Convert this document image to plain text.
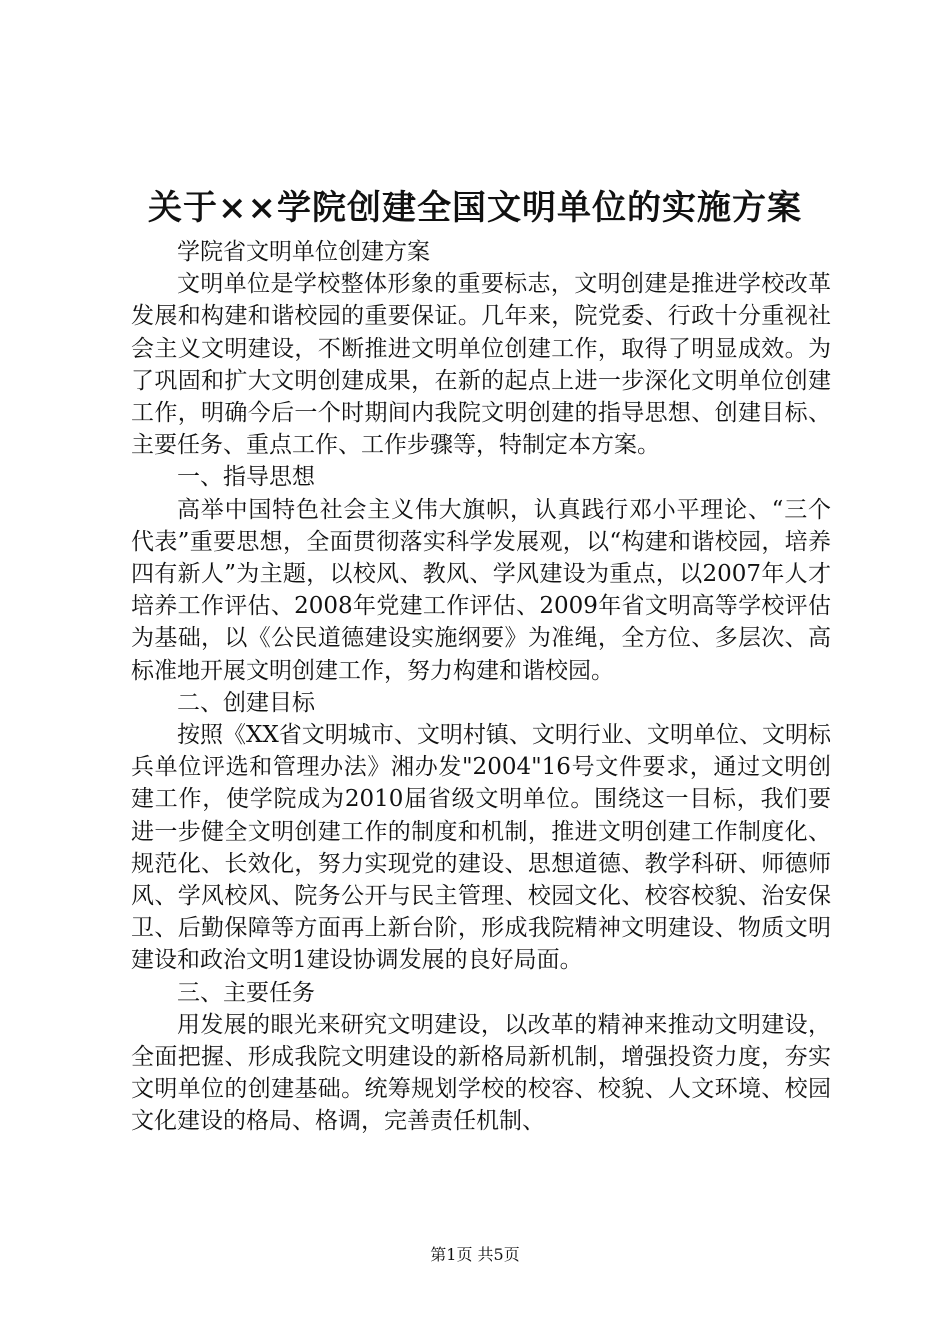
关于××学院创建全国文明单位的实施方案

学院省文明单位创建方案

文明单位是学校整体形象的重要标志，文明创建是推进学校改革发展和构建和谐校园的重要保证。几年来，院党委、行政十分重视社会主义文明建设，不断推进文明单位创建工作，取得了明显成效。为了巩固和扩大文明创建成果，在新的起点上进一步深化文明单位创建工作，明确今后一个时期间内我院文明创建的指导思想、创建目标、主要任务、重点工作、工作步骤等，特制定本方案。

一、指导思想

高举中国特色社会主义伟大旗帜，认真践行邓小平理论、“三个代表”重要思想，全面贯彻落实科学发展观，以“构建和谐校园，培养四有新人”为主题，以校风、教风、学风建设为重点，以2007年人才培养工作评估、2008年党建工作评估、2009年省文明高等学校评估为基础，以《公民道德建设实施纲要》为准绳，全方位、多层次、高标准地开展文明创建工作，努力构建和谐校园。

二、创建目标

按照《XX省文明城市、文明村镇、文明行业、文明单位、文明标兵单位评选和管理办法》湘办发"2004"16号文件要求，通过文明创建工作，使学院成为2010届省级文明单位。围绕这一目标，我们要进一步健全文明创建工作的制度和机制，推进文明创建工作制度化、规范化、长效化，努力实现党的建设、思想道德、教学科研、师德师风、学风校风、院务公开与民主管理、校园文化、校容校貌、治安保卫、后勤保障等方面再上新台阶，形成我院精神文明建设、物质文明建设和政治文明1建设协调发展的良好局面。

三、主要任务

用发展的眼光来研究文明建设，以改革的精神来推动文明建设，全面把握、形成我院文明建设的新格局新机制，增强投资力度，夯实文明单位的创建基础。统筹规划学校的校容、校貌、人文环境、校园文化建设的格局、格调，完善责任机制、

第1页 共5页
